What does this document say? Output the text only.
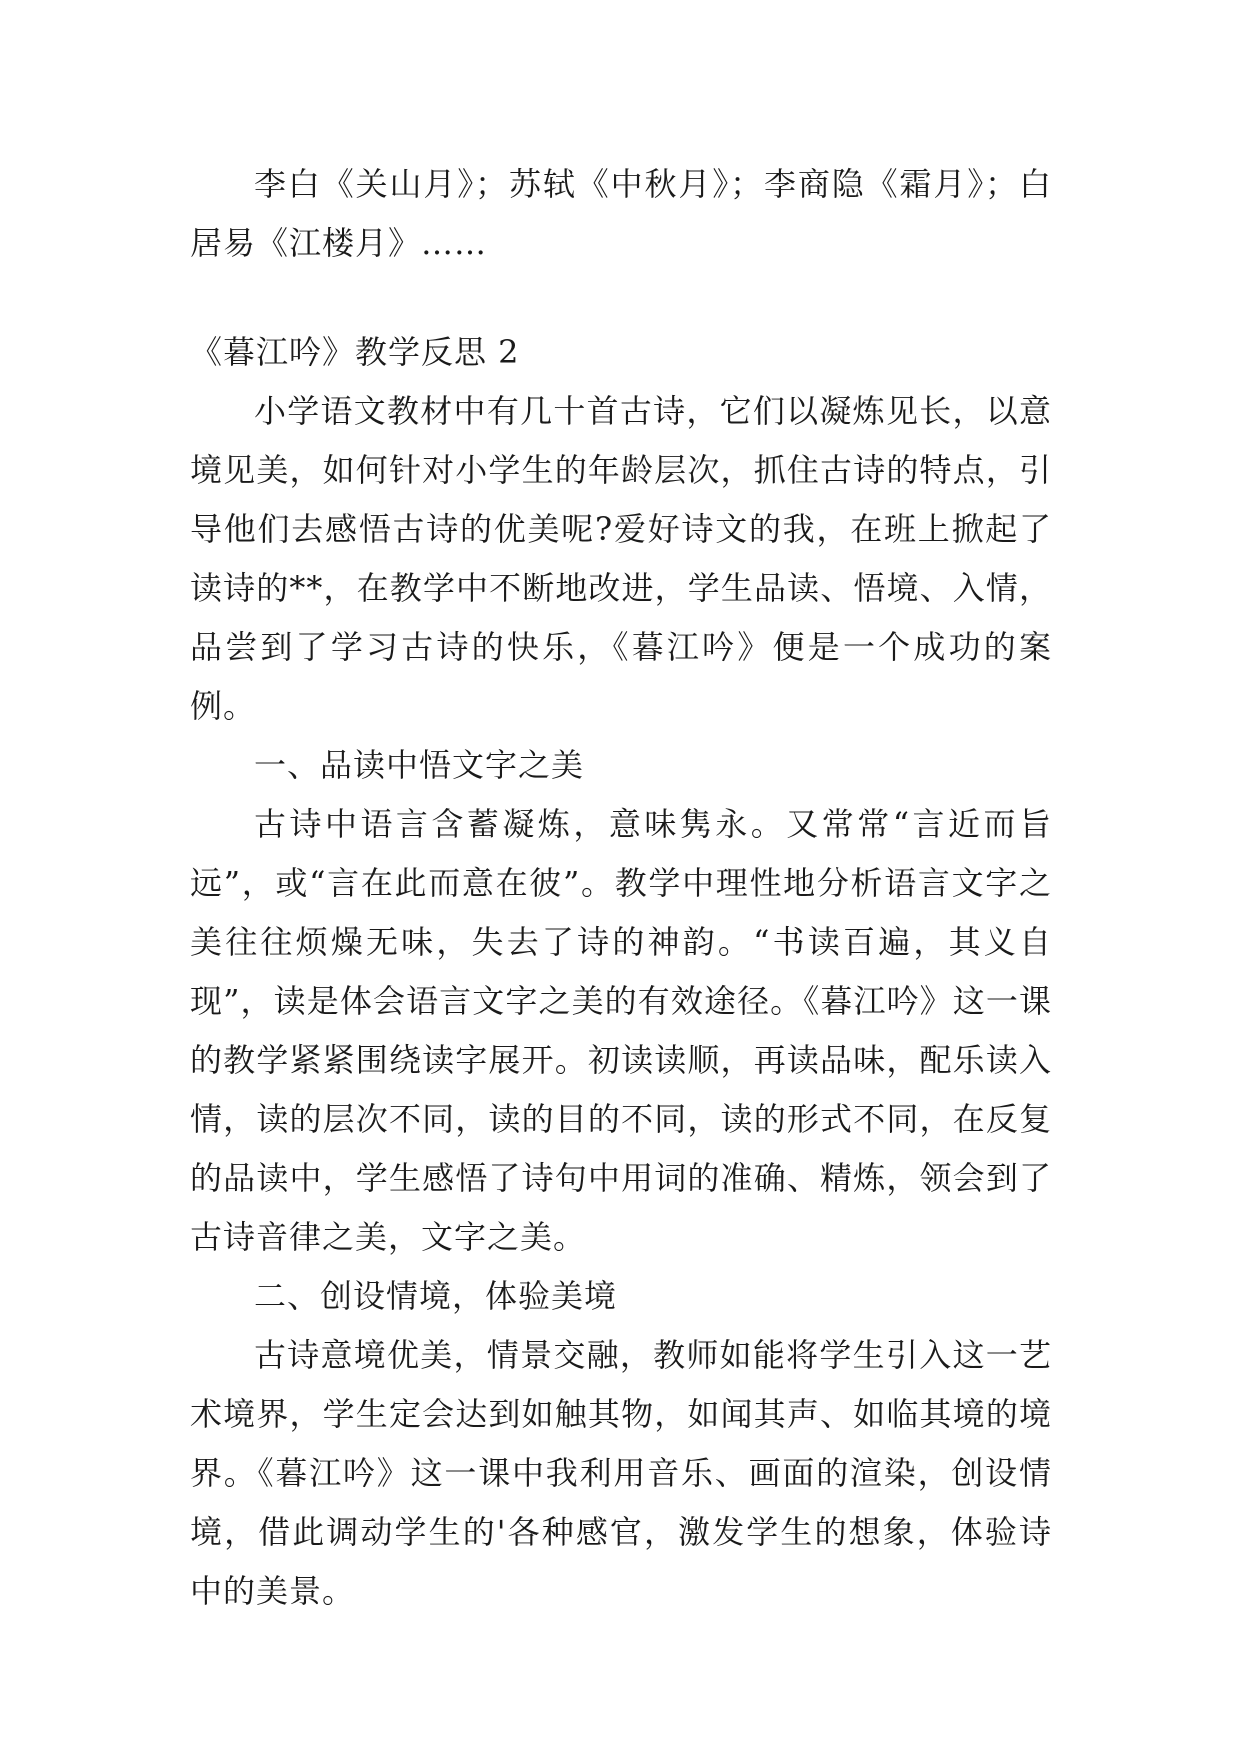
李白《关山月》；苏轼《中秋月》；李商隐《霜月》；白居易《江楼月》……

《暮江吟》教学反思 2

小学语文教材中有几十首古诗，它们以凝炼见长，以意境见美，如何针对小学生的年龄层次，抓住古诗的特点，引导他们去感悟古诗的优美呢?爱好诗文的我，在班上掀起了读诗的**，在教学中不断地改进，学生品读、悟境、入情，品尝到了学习古诗的快乐，《暮江吟》便是一个成功的案例。

一、品读中悟文字之美

古诗中语言含蓄凝炼，意味隽永。又常常“言近而旨远”，或“言在此而意在彼”。教学中理性地分析语言文字之美往往烦燥无味，失去了诗的神韵。“书读百遍，其义自现”，读是体会语言文字之美的有效途径。《暮江吟》这一课的教学紧紧围绕读字展开。初读读顺，再读品味，配乐读入情，读的层次不同，读的目的不同，读的形式不同，在反复的品读中，学生感悟了诗句中用词的准确、精炼，领会到了古诗音律之美，文字之美。

二、创设情境，体验美境

古诗意境优美，情景交融，教师如能将学生引入这一艺术境界，学生定会达到如触其物，如闻其声、如临其境的境界。《暮江吟》这一课中我利用音乐、画面的渲染，创设情境，借此调动学生的'各种感官，激发学生的想象，体验诗中的美景。
